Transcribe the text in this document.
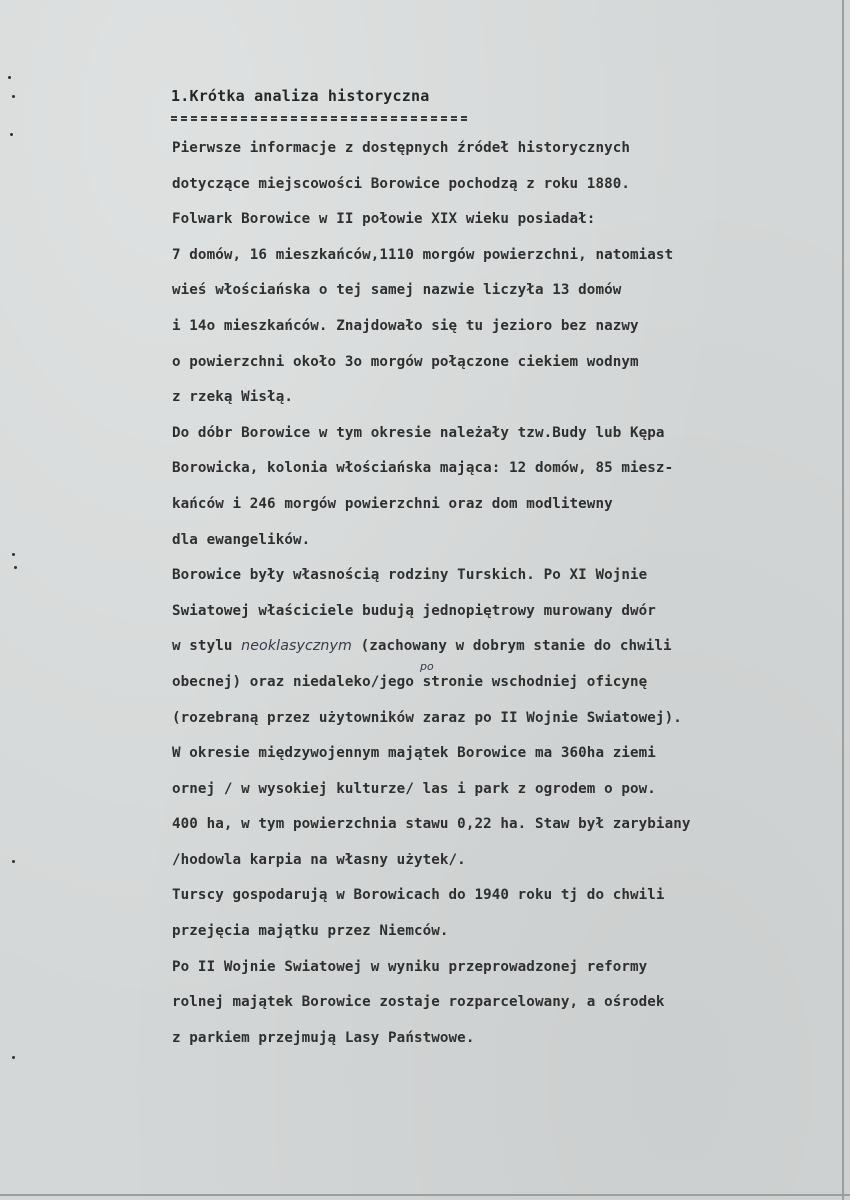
1.Krótka analiza historyczna
Pierwsze informacje z dostępnych źródeł historycznych
dotyczące miejscowości Borowice pochodzą z roku 1880.
Folwark Borowice w II połowie XIX wieku posiadał:
7 domów, 16 mieszkańców,1110 morgów powierzchni, natomiast
wieś włościańska o tej samej nazwie liczyła 13 domów
i 14o mieszkańców. Znajdowało się tu jezioro bez nazwy
o powierzchni około 3o morgów połączone ciekiem wodnym
z rzeką Wisłą.
Do dóbr Borowice w tym okresie należały tzw.Budy lub Kępa
Borowicka, kolonia włościańska mająca: 12 domów, 85 miesz-
kańców i 246 morgów powierzchni oraz dom modlitewny
dla ewangelików.
Borowice były własnością rodziny Turskich. Po XI Wojnie
Swiatowej właściciele budują jednopiętrowy murowany dwór
w stylu neoklasycznym (zachowany w dobrym stanie do chwili
obecnej) oraz niedaleko/jego stronie wschodniej oficynę
(rozebraną przez użytowników zaraz po II Wojnie Swiatowej).
W okresie międzywojennym majątek Borowice ma 360ha ziemi
ornej / w wysokiej kulturze/ las i park z ogrodem o pow.
400 ha, w tym powierzchnia stawu 0,22 ha. Staw był zarybiany
/hodowla karpia na własny użytek/.
Turscy gospodarują w Borowicach do 1940 roku tj do chwili
przejęcia majątku przez Niemców.
Po II Wojnie Swiatowej w wyniku przeprowadzonej reformy
rolnej majątek Borowice zostaje rozparcelowany, a ośrodek
z parkiem przejmują Lasy Państwowe.
po
